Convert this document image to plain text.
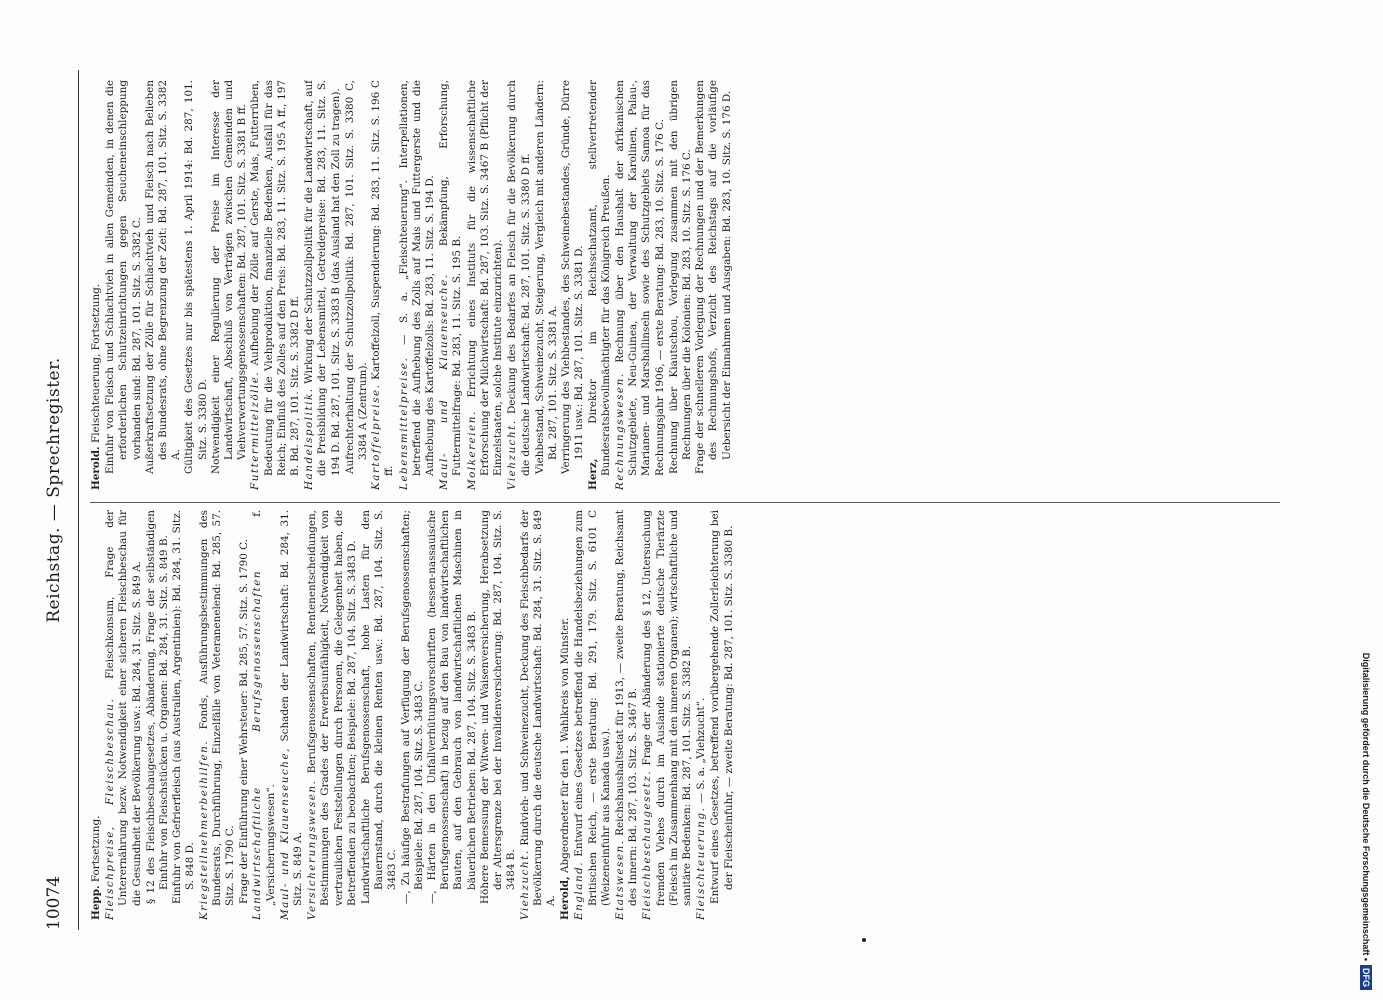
10074
Reichstag. — Sprechregister.

Hepp. Fortsetzung. Fleischpreise, Fleischbeschau. Fleischkonsum, Frage der Unterernährung bezw. Notwendigkeit einer sicheren Fleischbeschau für die Gesundheit der Bevölkerung usw.: Bd. 284, 31. Sitz. S. 849 A. § 12 des Fleischbeschaugesetzes, Abänderung, Frage der selbständigen Einfuhr von Fleischstücken u. Organen: Bd. 284, 31. Sitz. S. 849 B. Einfuhr von Gefrierfleisch (aus Australien, Argentinien): Bd. 284, 31. Sitz. S. 848 D. Kriegsteilnehmerbeihilfen. Fonds, Ausführungsbestimmungen des Bundesrats, Durchführung, Einzelfälle von Veteranenelend: Bd. 285, 57. Sitz. S. 1790 C. Frage der Einführung einer Wehrsteuer: Bd. 285, 57. Sitz. S. 1790 C. Landwirtschaftliche Berufsgenossenschaften f. „Versicherungswesen“. Maul- und Klauenseuche, Schaden der Landwirtschaft: Bd. 284, 31. Sitz. S. 849 A. Versicherungswesen. Berufsgenossenschaften, Rentenentscheidungen, Bestimmungen des Grades der Erwerbsunfähigkeit, Notwendigkeit von vertraulichen Feststellungen durch Personen, die Gelegenheit haben, die Betreffenden zu beobachten; Beispiele: Bd. 287, 104. Sitz. S. 3483 D. Landwirtschaftliche Berufsgenossenschaft, hohe Lasten für den Bauernstand, durch die kleinen Renten usw.: Bd. 287, 104. Sitz. S. 3483 C. —, Zu häufige Bestrafungen auf Verfügung der Berufsgenossenschaften; Beispiele: Bd. 287, 104. Sitz. S. 3483 C. —, Härten in den Unfallverhütungsvorschriften (hessen-nassauische Berufsgenossenschaft) in bezug auf den Bau von landwirtschaftlichen Bauten, auf den Gebrauch von landwirtschaftlichen Maschinen in bäuerlichen Betrieben: Bd. 287, 104. Sitz. S. 3483 B. Höhere Bemessung der Witwen- und Waisenversicherung, Herabsetzung der Altersgrenze bei der Invalidenversicherung: Bd. 287, 104. Sitz. S. 3484 B. Viehzucht. Rindvieh- und Schweinezucht, Deckung des Fleischbedarfs der Bevölkerung durch die deutsche Landwirtschaft: Bd. 284, 31. Sitz. S. 849 A. Herold, Abgeordneter für den 1. Wahlkreis von Münster.

England. Entwurf eines Gesetzes betreffend die Handelsbeziehungen zum Britischen Reich, — erste Beratung: Bd. 291, 179. Sitz. S. 6101 C (Weizeneinfuhr aus Kanada usw.). Etatswesen. Reichshaushaltsetat für 1913, — zweite Beratung, Reichsamt des Innern: Bd. 287, 103. Sitz. S. 3467 B. Fleischbeschaugesetz. Frage der Abänderung des § 12, Untersuchung fremden Viehes durch im Auslande stationierte deutsche Tierärzte (Fleisch im Zusammenhang mit den inneren Organen); wirtschaftliche und sanitäre Bedenken: Bd. 287, 101. Sitz. S. 3382 B. Fleischteuerung. — S. a. „Viehzucht“. Entwurf eines Gesetzes, betreffend vorübergehende Zollerleichterung bei der Fleischeinfuhr, — zweite Beratung: Bd. 287, 101. Sitz. S. 3380 B.

Herold. Fleischteuerung, Fortsetzung. Einfuhr von Fleisch und Schlachtvieh in allen Gemeinden, in denen die erforderlichen Schutzeinrichtungen gegen Seucheneinschleppung vorhanden sind: Bd. 287, 101. Sitz. S. 3382 C. Außerkraftsetzung der Zölle für Schlachtvieh und Fleisch nach Belieben des Bundesrats, ohne Begrenzung der Zeit: Bd. 287, 101. Sitz. S. 3382 A. Gültigkeit des Gesetzes nur bis spätestens 1. April 1914: Bd. 287, 101. Sitz. S. 3380 D. Notwendigkeit einer Regulierung der Preise im Interesse der Landwirtschaft, Abschluß von Verträgen zwischen Gemeinden und Viehverwertungsgenossenschaften: Bd. 287, 101. Sitz. S. 3381 B ff. Futtermittelzölle. Aufhebung der Zölle auf Gerste, Mais, Futterrüben, Bedeutung für die Viehproduktion, finanzielle Bedenken, Ausfall für das Reich; Einfluß des Zolles auf den Preis: Bd. 283, 11. Sitz. S. 195 A ff., 197 B. Bd. 287, 101. Sitz. S. 3382 D ff. Handelspolitik. Wirkung der Schutzzollpolitik für die Landwirtschaft, auf die Preisbildung der Lebensmittel, Getreidepreise: Bd. 283, 11. Sitz. S. 194 D. Bd. 287, 101. Sitz. S. 3383 B (das Ausland hat den Zoll zu tragen). Aufrechterhaltung der Schutzzollpolitik: Bd. 287, 101. Sitz. S. 3380 C, 3384 A (Zentrum). Kartoffelpreise. Kartoffelzoll, Suspendierung: Bd. 283, 11. Sitz. S. 196 C ff. Lebensmittelpreise. — S. a. „Fleischteuerung“. Interpellationen, betreffend die Aufhebung des Zolls auf Mais und Futtergerste und die Aufhebung des Kartoffelzolls: Bd. 283, 11. Sitz. S. 194 D. Maul- und Klauenseuche. Bekämpfung, Erforschung, Futtermittelfrage: Bd. 283, 11. Sitz. S. 195 B. Molkereien. Errichtung eines Instituts für die wissenschaftliche Erforschung der Milchwirtschaft: Bd. 287, 103. Sitz. S. 3467 B (Pflicht der Einzelstaaten, solche Institute einzurichten). Viehzucht. Deckung des Bedarfes an Fleisch für die Bevölkerung durch die deutsche Landwirtschaft: Bd. 287, 101. Sitz. S. 3380 D ff. Viehbestand, Schweinezucht, Steigerung, Vergleich mit anderen Ländern: Bd. 287, 101. Sitz. S. 3381 A. Verringerung des Viehbestandes, des Schweinebestandes, Gründe, Dürre 1911 usw.: Bd. 287, 101. Sitz. S. 3381 D.

Herz, Direktor im Reichsschatzamt, stellvertretender Bundesratsbevollmächtigter für das Königreich Preußen. Rechnungswesen. Rechnung über den Haushalt der afrikanischen Schutzgebiete, Neu-Guinea, der Verwaltung der Karolinen, Palau-, Marianen- und Marshallinseln sowie des Schutzgebiets Samoa für das Rechnungsjahr 1906, — erste Beratung: Bd. 283, 10. Sitz. S. 176 C. Rechnung über Kiautschou, Vorlegung zusammen mit den übrigen Rechnungen über die Kolonien: Bd. 283, 10. Sitz. S. 176 C. Frage der schnelleren Vorlegung der Rechnungen und der Bemerkungen des Rechnungshofs, Verzicht des Reichstags auf die vorläufige Uebersicht der Einnahmen und Ausgaben: Bd. 283, 10. Sitz. S. 176 D.

Digitalisierung gefördert durch die Deutsche Forschungsgemeinschaft •
DFG
